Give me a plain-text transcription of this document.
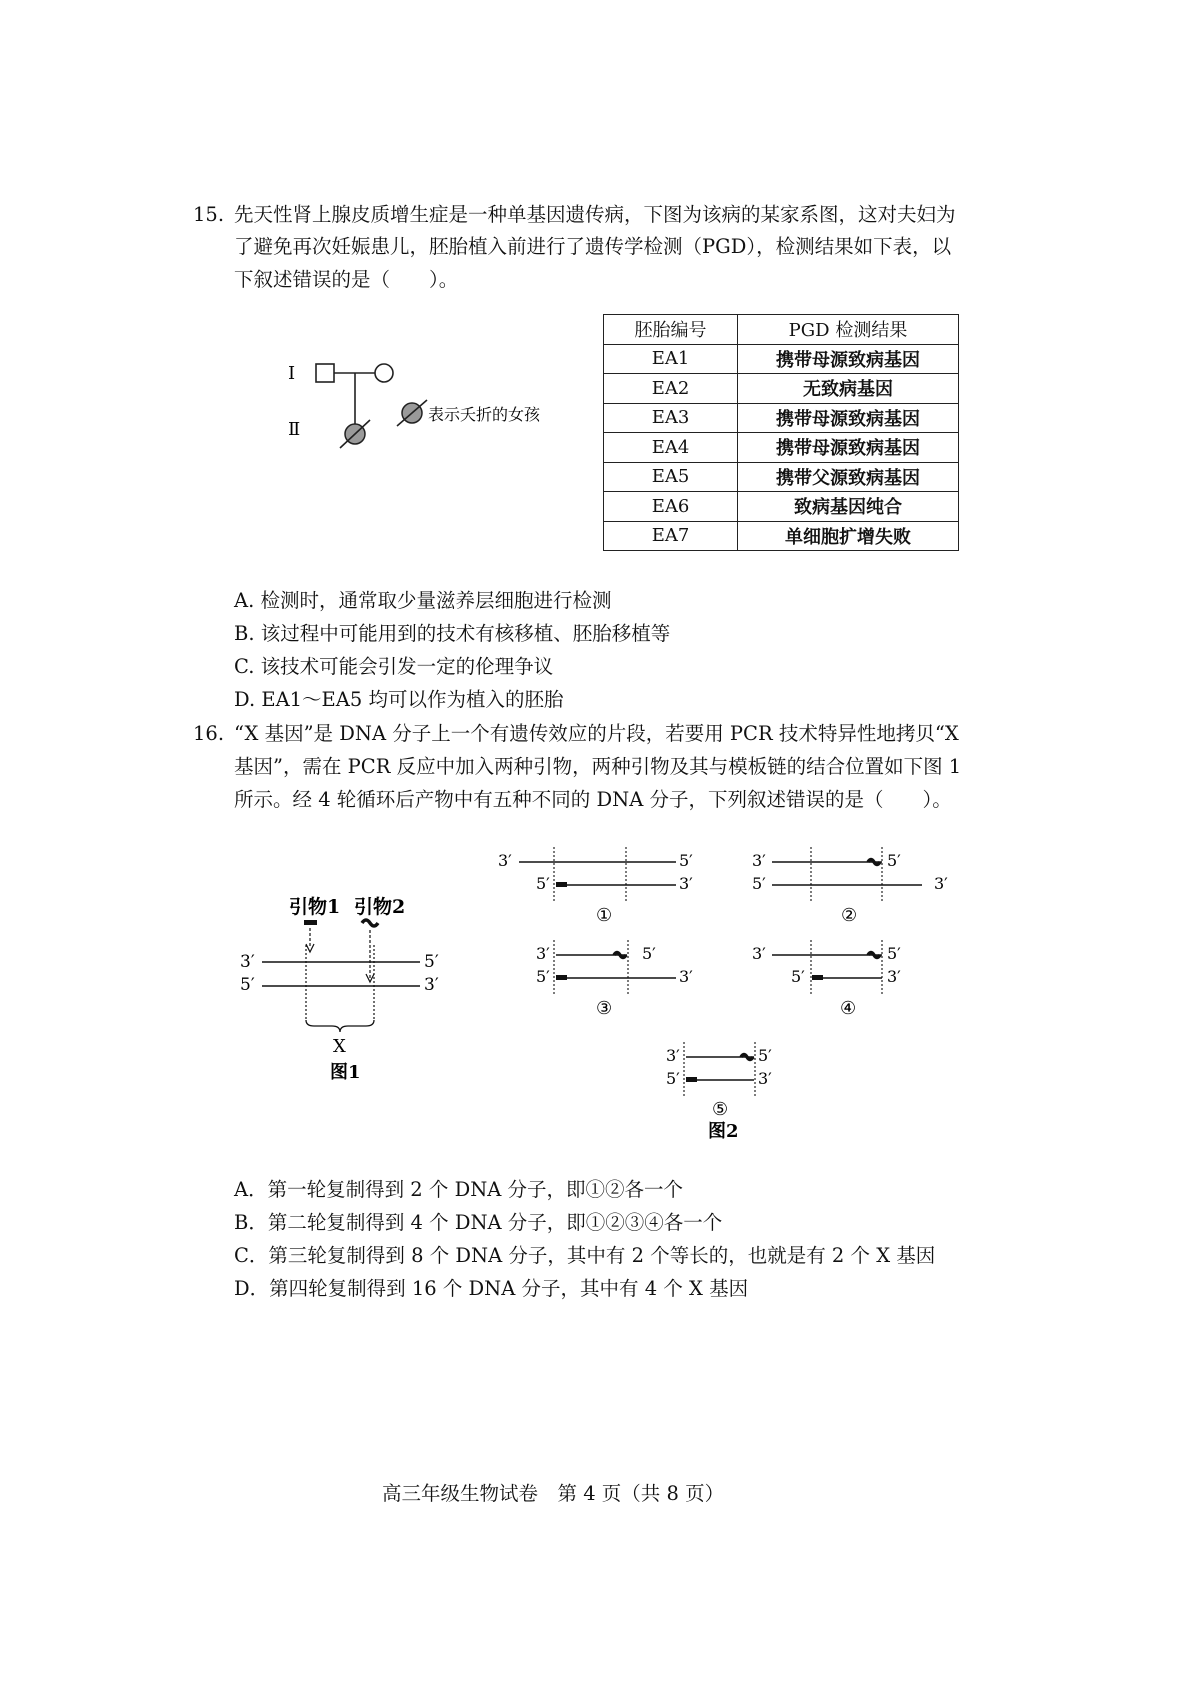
15. 先天性肾上腺皮质增生症是一种单基因遗传病，下图为该病的某家系图，这对夫妇为
了避免再次妊娠患儿，胚胎植入前进行了遗传学检测（PGD），检测结果如下表，以
下叙述错误的是（　　）。
Ⅰ
Ⅱ
表示夭折的女孩
胚胎编号	PGD 检测结果
EA1	携带母源致病基因
EA2	无致病基因
EA3	携带母源致病基因
EA4	携带母源致病基因
EA5	携带父源致病基因
EA6	致病基因纯合
EA7	单细胞扩增失败
A. 检测时，通常取少量滋养层细胞进行检测
B. 该过程中可能用到的技术有核移植、胚胎移植等
C. 该技术可能会引发一定的伦理争议
D. EA1～EA5 均可以作为植入的胚胎
16. “X 基因”是 DNA 分子上一个有遗传效应的片段，若要用 PCR 技术特异性地拷贝“X
基因”，需在 PCR 反应中加入两种引物，两种引物及其与模板链的结合位置如下图 1
所示。经 4 轮循环后产物中有五种不同的 DNA 分子，下列叙述错误的是（　　）。
引物1 引物2
3′	5′
5′	3′
X
图1
3′	5′
5′	3′
①
3′	5′
5′	3′
②
3′	5′
5′	3′
③
3′	5′
5′	3′
④
3′	5′
5′	3′
⑤
图2
A．第一轮复制得到 2 个 DNA 分子，即①②各一个
B．第二轮复制得到 4 个 DNA 分子，即①②③④各一个
C．第三轮复制得到 8 个 DNA 分子，其中有 2 个等长的，也就是有 2 个 X 基因
D．第四轮复制得到 16 个 DNA 分子，其中有 4 个 X 基因
高三年级生物试卷　第 4 页（共 8 页）
